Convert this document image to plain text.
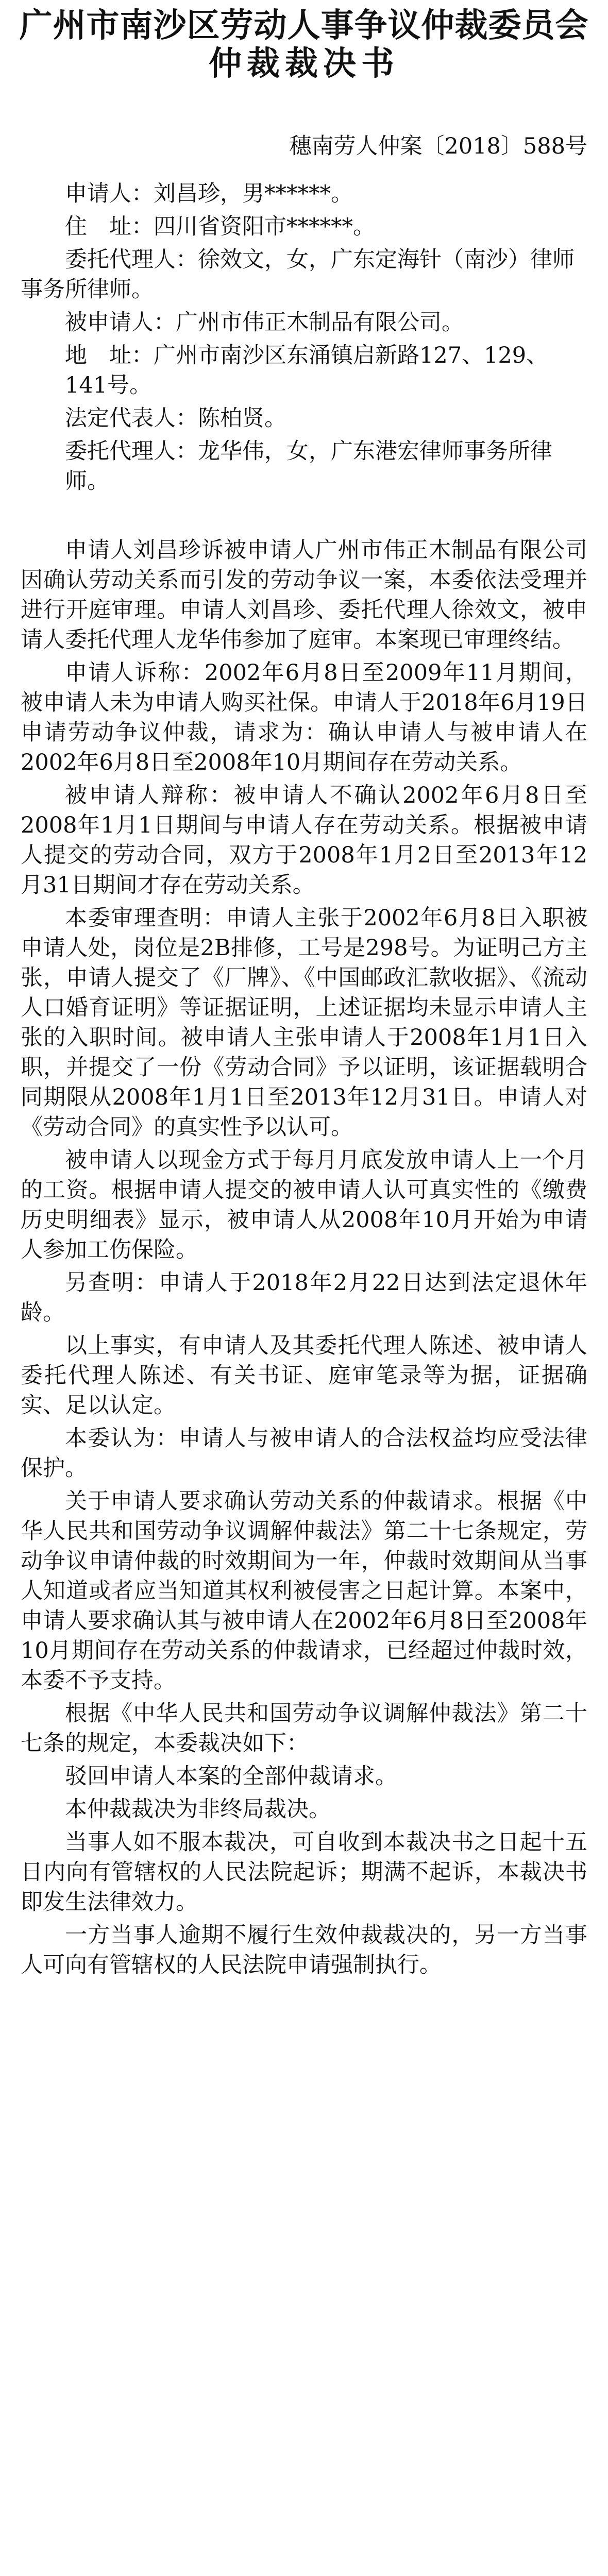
广州市南沙区劳动人事争议仲裁委员会
仲裁裁决书

穗南劳人仲案〔2018〕588号

申请人：刘昌珍，男******。

住　址：四川省资阳市******。

委托代理人：徐效文，女，广东定海针（南沙）律师事务所律师。

被申请人：广州市伟正木制品有限公司。

地　址：广州市南沙区东涌镇启新路127、129、141号。

法定代表人：陈柏贤。

委托代理人：龙华伟，女，广东港宏律师事务所律师。

申请人刘昌珍诉被申请人广州市伟正木制品有限公司因确认劳动关系而引发的劳动争议一案，本委依法受理并进行开庭审理。申请人刘昌珍、委托代理人徐效文，被申请人委托代理人龙华伟参加了庭审。本案现已审理终结。

申请人诉称：2002年6月8日至2009年11月期间，被申请人未为申请人购买社保。申请人于2018年6月19日申请劳动争议仲裁，请求为：确认申请人与被申请人在2002年6月8日至2008年10月期间存在劳动关系。

被申请人辩称：被申请人不确认2002年6月8日至2008年1月1日期间与申请人存在劳动关系。根据被申请人提交的劳动合同，双方于2008年1月2日至2013年12月31日期间才存在劳动关系。

本委审理查明：申请人主张于2002年6月8日入职被申请人处，岗位是2B排修，工号是298号。为证明己方主张，申请人提交了《厂牌》、《中国邮政汇款收据》、《流动人口婚育证明》等证据证明，上述证据均未显示申请人主张的入职时间。被申请人主张申请人于2008年1月1日入职，并提交了一份《劳动合同》予以证明，该证据载明合同期限从2008年1月1日至2013年12月31日。申请人对《劳动合同》的真实性予以认可。

被申请人以现金方式于每月月底发放申请人上一个月的工资。根据申请人提交的被申请人认可真实性的《缴费历史明细表》显示，被申请人从2008年10月开始为申请人参加工伤保险。

另查明：申请人于2018年2月22日达到法定退休年龄。

以上事实，有申请人及其委托代理人陈述、被申请人委托代理人陈述、有关书证、庭审笔录等为据，证据确实、足以认定。

本委认为：申请人与被申请人的合法权益均应受法律保护。

关于申请人要求确认劳动关系的仲裁请求。根据《中华人民共和国劳动争议调解仲裁法》第二十七条规定，劳动争议申请仲裁的时效期间为一年，仲裁时效期间从当事人知道或者应当知道其权利被侵害之日起计算。本案中，申请人要求确认其与被申请人在2002年6月8日至2008年10月期间存在劳动关系的仲裁请求，已经超过仲裁时效，本委不予支持。

根据《中华人民共和国劳动争议调解仲裁法》第二十七条的规定，本委裁决如下：

驳回申请人本案的全部仲裁请求。

本仲裁裁决为非终局裁决。

当事人如不服本裁决，可自收到本裁决书之日起十五日内向有管辖权的人民法院起诉；期满不起诉，本裁决书即发生法律效力。

一方当事人逾期不履行生效仲裁裁决的，另一方当事人可向有管辖权的人民法院申请强制执行。
